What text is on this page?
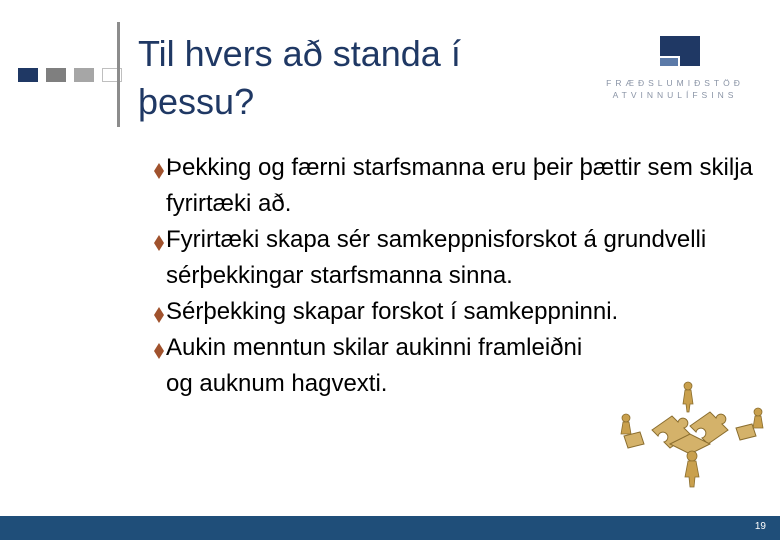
Til hvers að standa í
þessu?	FRÆÐSLUMIÐSTÖÐ
ATVINNULÍFSINS
Þekking og færni starfsmanna eru þeir þættir sem skilja fyrirtæki að.
Fyrirtæki skapa sér samkeppnisforskot á grundvelli sérþekkingar starfsmanna sinna.
Sérþekking skapar forskot í samkeppninni.
Aukin menntun skilar aukinni framleiðni og auknum hagvexti.
19
